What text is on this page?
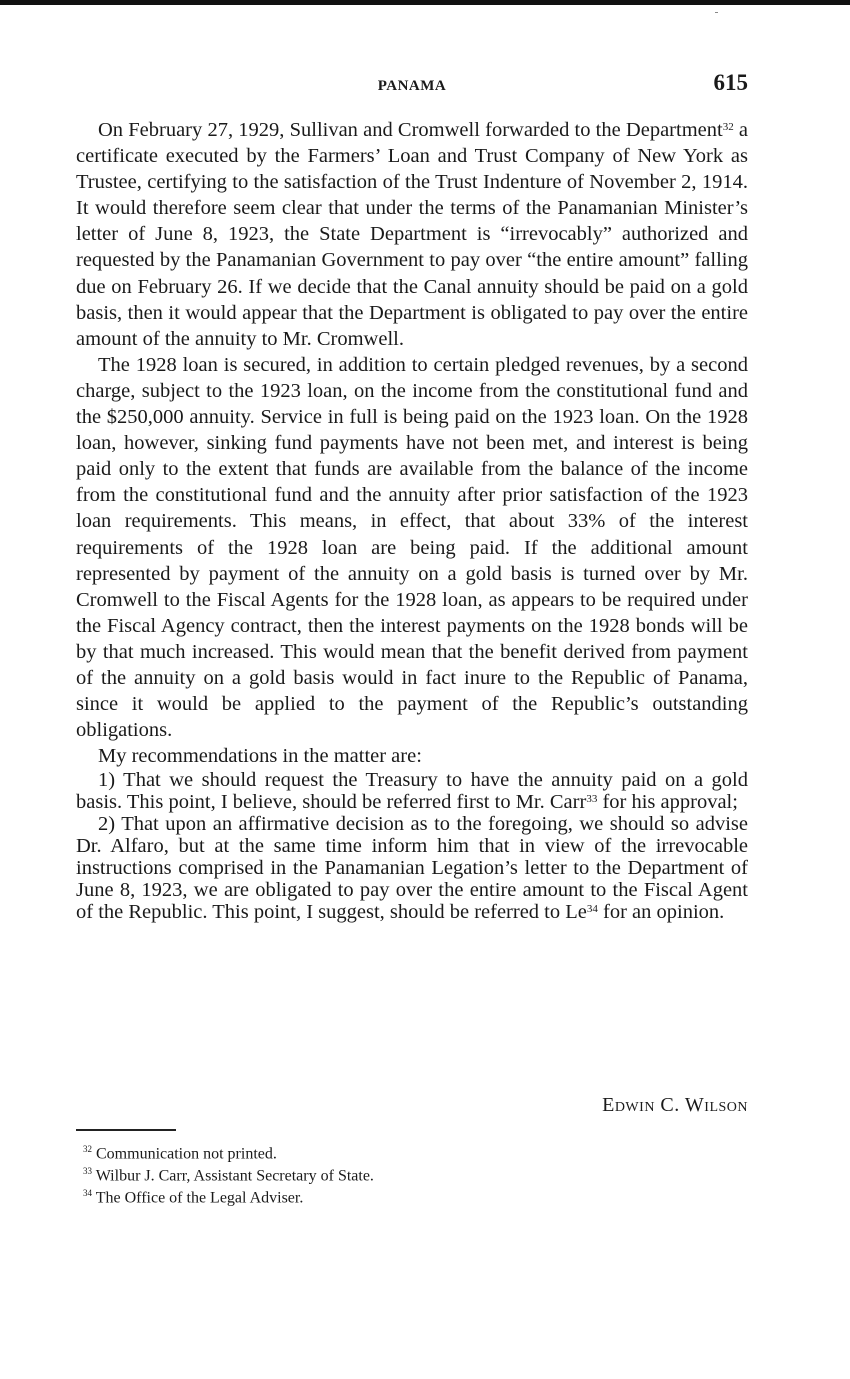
PANAMA	615

On February 27, 1929, Sullivan and Cromwell forwarded to the Department$^{32}$ a certificate executed by the Farmers’ Loan and Trust Company of New York as Trustee, certifying to the satisfaction of the Trust Indenture of November 2, 1914. It would therefore seem clear that under the terms of the Panamanian Minister’s letter of June 8, 1923, the State Department is “irrevocably” authorized and requested by the Panamanian Government to pay over “the entire amount” falling due on February 26. If we decide that the Canal annuity should be paid on a gold basis, then it would appear that the Department is obligated to pay over the entire amount of the annuity to Mr. Cromwell.

The 1928 loan is secured, in addition to certain pledged revenues, by a second charge, subject to the 1923 loan, on the income from the constitutional fund and the $250,000 annuity. Service in full is being paid on the 1923 loan. On the 1928 loan, however, sinking fund payments have not been met, and interest is being paid only to the extent that funds are available from the balance of the income from the constitutional fund and the annuity after prior satisfaction of the 1923 loan requirements. This means, in effect, that about 33% of the interest requirements of the 1928 loan are being paid. If the additional amount represented by payment of the annuity on a gold basis is turned over by Mr. Cromwell to the Fiscal Agents for the 1928 loan, as appears to be required under the Fiscal Agency contract, then the interest payments on the 1928 bonds will be by that much increased. This would mean that the benefit derived from payment of the annuity on a gold basis would in fact inure to the Republic of Panama, since it would be applied to the payment of the Republic’s outstanding obligations.

My recommendations in the matter are:

1) That we should request the Treasury to have the annuity paid on a gold basis. This point, I believe, should be referred first to Mr. Carr$^{33}$ for his approval;

2) That upon an affirmative decision as to the foregoing, we should so advise Dr. Alfaro, but at the same time inform him that in view of the irrevocable instructions comprised in the Panamanian Legation’s letter to the Department of June 8, 1923, we are obligated to pay over the entire amount to the Fiscal Agent of the Republic. This point, I suggest, should be referred to Le$^{34}$ for an opinion.

Edwin C. Wilson
$^{32}$ Communication not printed.
$^{33}$ Wilbur J. Carr, Assistant Secretary of State.
$^{34}$ The Office of the Legal Adviser.
